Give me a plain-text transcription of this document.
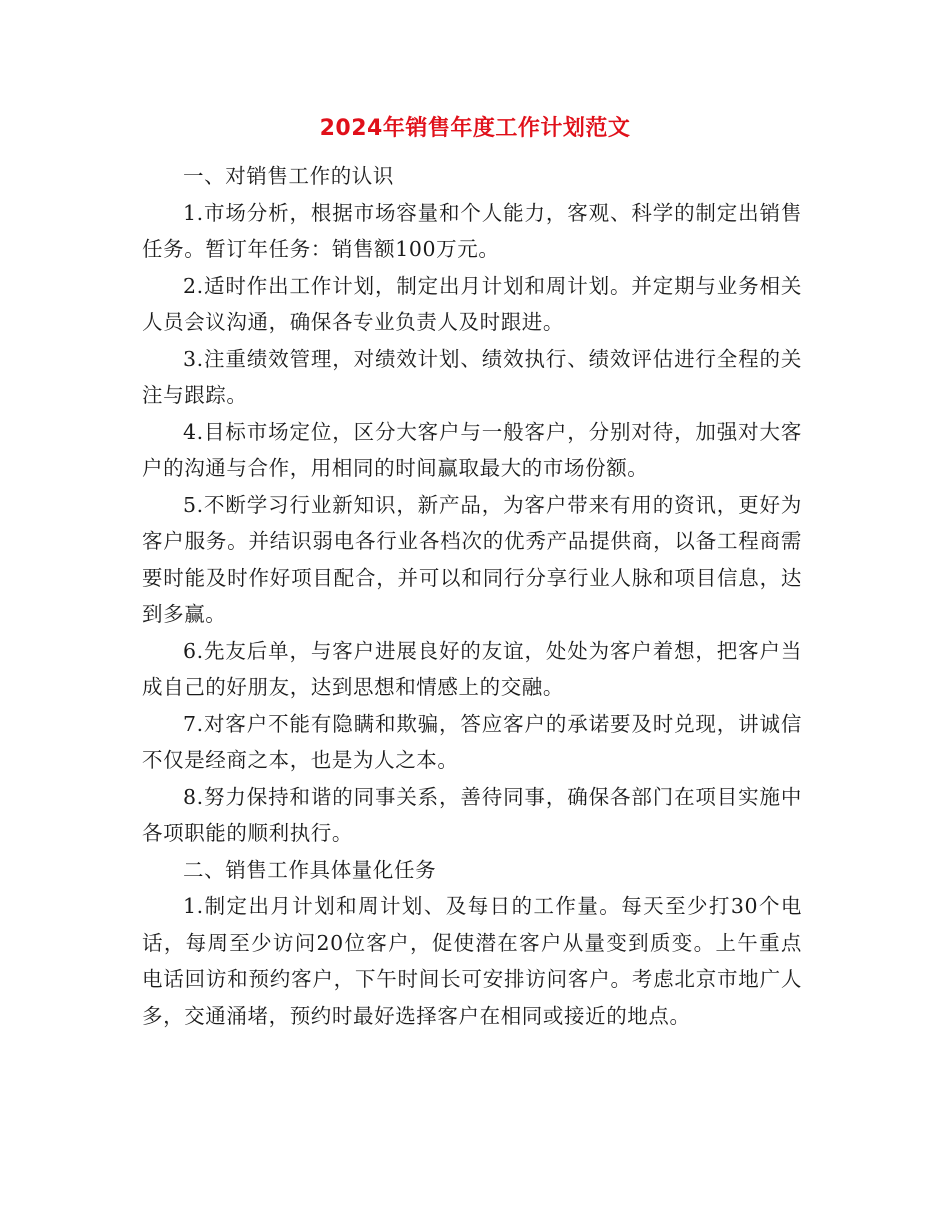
2024年销售年度工作计划范文

一、对销售工作的认识

1.市场分析，根据市场容量和个人能力，客观、科学的制定出销售任务。暂订年任务：销售额100万元。

2.适时作出工作计划，制定出月计划和周计划。并定期与业务相关人员会议沟通，确保各专业负责人及时跟进。

3.注重绩效管理，对绩效计划、绩效执行、绩效评估进行全程的关注与跟踪。

4.目标市场定位，区分大客户与一般客户，分别对待，加强对大客户的沟通与合作，用相同的时间赢取最大的市场份额。

5.不断学习行业新知识，新产品，为客户带来有用的资讯，更好为客户服务。并结识弱电各行业各档次的优秀产品提供商，以备工程商需要时能及时作好项目配合，并可以和同行分享行业人脉和项目信息，达到多赢。

6.先友后单，与客户进展良好的友谊，处处为客户着想，把客户当成自己的好朋友，达到思想和情感上的交融。

7.对客户不能有隐瞒和欺骗，答应客户的承诺要及时兑现，讲诚信不仅是经商之本，也是为人之本。

8.努力保持和谐的同事关系，善待同事，确保各部门在项目实施中各项职能的顺利执行。

二、销售工作具体量化任务

1.制定出月计划和周计划、及每日的工作量。每天至少打30个电话，每周至少访问20位客户，促使潜在客户从量变到质变。上午重点电话回访和预约客户，下午时间长可安排访问客户。考虑北京市地广人多，交通涌堵，预约时最好选择客户在相同或接近的地点。
